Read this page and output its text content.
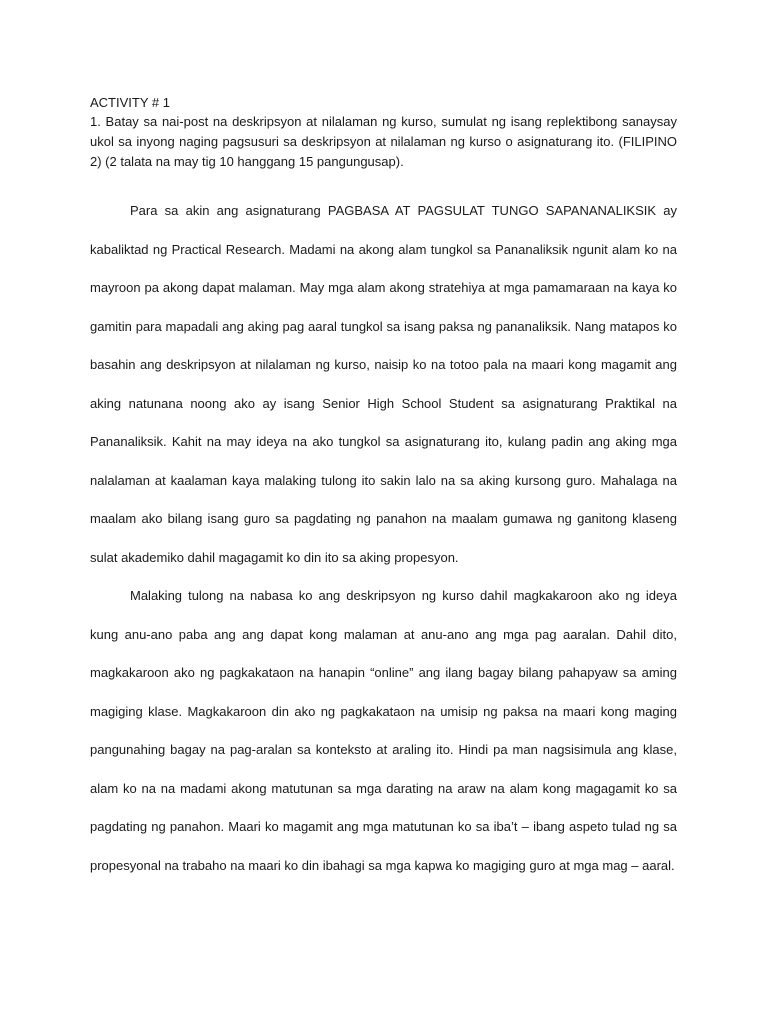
ACTIVITY # 1

1. Batay sa nai-post na deskripsyon at nilalaman ng kurso, sumulat ng isang replektibong sanaysay ukol sa inyong naging pagsusuri sa deskripsyon at nilalaman ng kurso o asignaturang ito. (FILIPINO 2) (2 talata na may tig 10 hanggang 15 pangungusap).

Para sa akin ang asignaturang PAGBASA AT PAGSULAT TUNGO SAPANANALIKSIK ay kabaliktad ng Practical Research. Madami na akong alam tungkol sa Pananaliksik ngunit alam ko na mayroon pa akong dapat malaman. May mga alam akong stratehiya at mga pamamaraan na kaya ko gamitin para mapadali ang aking pag aaral tungkol sa isang paksa ng pananaliksik. Nang matapos ko basahin ang deskripsyon at nilalaman ng kurso, naisip ko na totoo pala na maari kong magamit ang aking natunana noong ako ay isang Senior High School Student sa asignaturang Praktikal na Pananaliksik. Kahit na may ideya na ako tungkol sa asignaturang ito, kulang padin ang aking mga nalalaman at kaalaman kaya malaking tulong ito sakin lalo na sa aking kursong guro. Mahalaga na maalam ako bilang isang guro sa pagdating ng panahon na maalam gumawa ng ganitong klaseng sulat akademiko dahil magagamit ko din ito sa aking propesyon.

Malaking tulong na nabasa ko ang deskripsyon ng kurso dahil magkakaroon ako ng ideya kung anu-ano paba ang ang dapat kong malaman at anu-ano ang mga pag aaralan. Dahil dito, magkakaroon ako ng pagkakataon na hanapin “online” ang ilang bagay bilang pahapyaw sa aming magiging klase. Magkakaroon din ako ng pagkakataon na umisip ng paksa na maari kong maging pangunahing bagay na pag-aralan sa konteksto at araling ito. Hindi pa man nagsisimula ang klase, alam ko na na madami akong matutunan sa mga darating na araw na alam kong magagamit ko sa pagdating ng panahon. Maari ko magamit ang mga matutunan ko sa iba’t – ibang aspeto tulad ng sa propesyonal na trabaho na maari ko din ibahagi sa mga kapwa ko magiging guro at mga mag – aaral.
